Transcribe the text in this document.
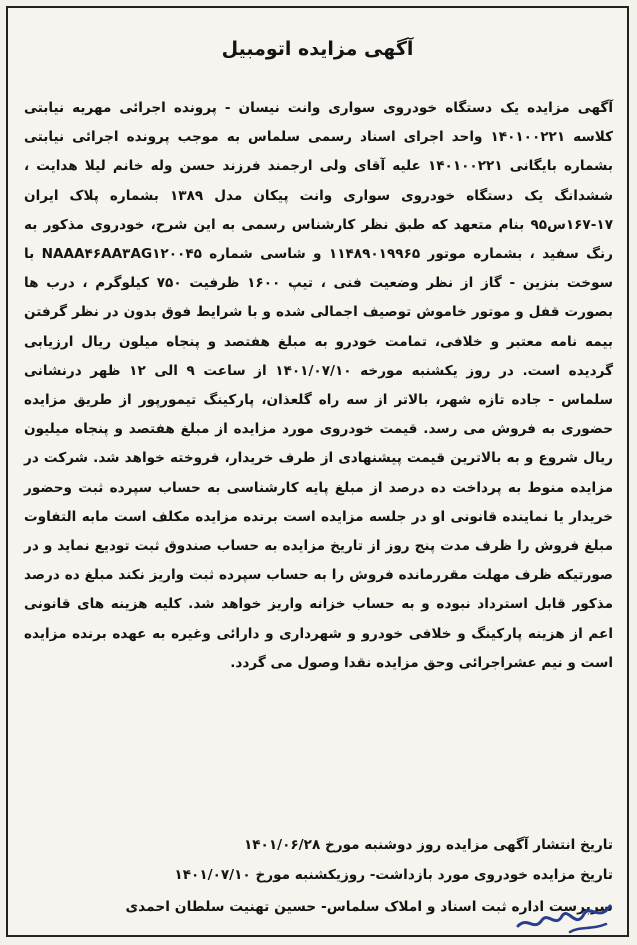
آگهی مزایده اتومبیل

آگهی مزایده یک دستگاه خودروی سواری وانت نیسان - پرونده اجرائی مهریه نیابتی کلاسه ۱۴۰۱۰۰۲۲۱ واحد اجرای اسناد رسمی سلماس به موجب پرونده اجرائی نیابتی بشماره بایگانی ۱۴۰۱۰۰۲۲۱ علیه آقای ولی ارجمند فرزند حسن وله خانم لیلا هدایت ، ششدانگ یک دستگاه خودروی سواری وانت پیکان مدل ۱۳۸۹ بشماره پلاک ایران ۱۷-۱۶۷س۹۵ بنام متعهد که طبق نظر کارشناس رسمی به این شرح، خودروی مذکور به رنگ سفید ، بشماره موتور ۱۱۴۸۹۰۱۹۹۶۵ و شاسی شماره NAAA۴۶AA۳AG۱۲۰۰۴۵ با سوخت بنزین - گاز از نظر وضعیت فنی ، تیپ ۱۶۰۰ ظرفیت ۷۵۰ کیلوگرم ، درب ها بصورت قفل و موتور خاموش توصیف اجمالی شده و با شرایط فوق بدون در نظر گرفتن بیمه نامه معتبر و خلافی، تمامت خودرو به مبلغ هفتصد و پنجاه میلون ریال ارزیابی گردیده است. در روز یکشنبه مورخه ۱۴۰۱/۰۷/۱۰ از ساعت ۹ الی ۱۲ ظهر درنشانی سلماس - جاده تازه شهر، بالاتر از سه راه گلعذان، پارکینگ تیمورپور از طریق مزایده حضوری به فروش می رسد. قیمت خودروی مورد مزایده از مبلغ هفتصد و پنجاه میلیون ریال شروع و به بالاترین قیمت پیشنهادی از طرف خریدار، فروخته خواهد شد. شرکت در مزایده منوط به پرداخت ده درصد از مبلغ پایه کارشناسی به حساب سپرده ثبت وحضور خریدار یا نماینده قانونی او در جلسه مزایده است برنده مزایده مکلف است مابه التفاوت مبلغ فروش را ظرف مدت پنج روز از تاریخ مزایده به حساب صندوق ثبت تودیع نماید و در صورتیکه ظرف مهلت مقررمانده فروش را به حساب سپرده ثبت واریز نکند مبلغ ده درصد مذکور قابل استرداد نبوده و به حساب خزانه واریز خواهد شد. کلیه هزینه های قانونی اعم از هزینه پارکینگ و خلافی خودرو و شهرداری و دارائی وغیره به عهده برنده مزایده است و نیم عشراجرائی وحق مزایده نقدا وصول می گردد.

تاریخ انتشار آگهی مزایده روز دوشنبه مورخ ۱۴۰۱/۰۶/۲۸

تاریخ مزایده خودروی مورد بازداشت- روزیکشنبه مورخ ۱۴۰۱/۰۷/۱۰

سرپرست اداره ثبت اسناد و املاک سلماس- حسین تهنیت سلطان احمدی
